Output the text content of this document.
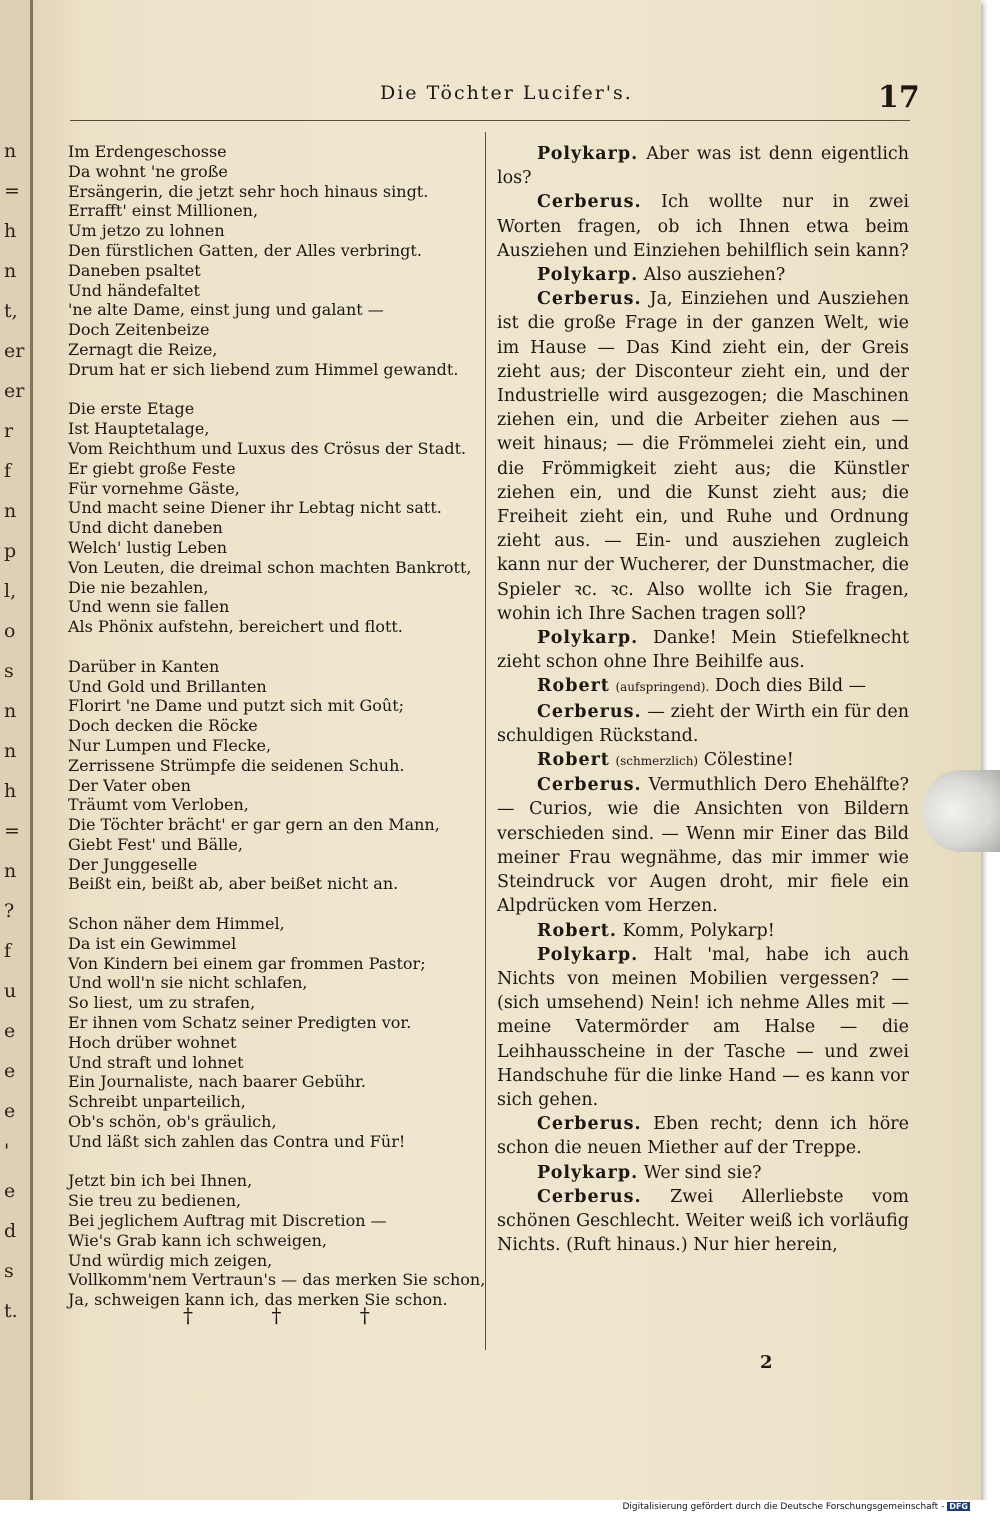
n
=
h
n
t,
er
er
r
f
n
p
l,
o
s
n
n
h
=
n
?
f
u
e
e
e
'
e
d
s
t.
Die Töchter Lucifer's.	17
Im Erdengeschosse
Da wohnt 'ne große
Ersängerin, die jetzt sehr hoch hinaus singt.
Errafft' einst Millionen,
Um jetzo zu lohnen
Den fürstlichen Gatten, der Alles verbringt.
Daneben psaltet
Und händefaltet
'ne alte Dame, einst jung und galant —
Doch Zeitenbeize
Zernagt die Reize,
Drum hat er sich liebend zum Himmel gewandt.
Die erste Etage
Ist Hauptetalage,
Vom Reichthum und Luxus des Crösus der Stadt.
Er giebt große Feste
Für vornehme Gäste,
Und macht seine Diener ihr Lebtag nicht satt.
Und dicht daneben
Welch' lustig Leben
Von Leuten, die dreimal schon machten Bankrott,
Die nie bezahlen,
Und wenn sie fallen
Als Phönix aufstehn, bereichert und flott.
Darüber in Kanten
Und Gold und Brillanten
Florirt 'ne Dame und putzt sich mit Goût;
Doch decken die Röcke
Nur Lumpen und Flecke,
Zerrissene Strümpfe die seidenen Schuh.
Der Vater oben
Träumt vom Verloben,
Die Töchter brächt' er gar gern an den Mann,
Giebt Fest' und Bälle,
Der Junggeselle
Beißt ein, beißt ab, aber beißet nicht an.
Schon näher dem Himmel,
Da ist ein Gewimmel
Von Kindern bei einem gar frommen Pastor;
Und woll'n sie nicht schlafen,
So liest, um zu strafen,
Er ihnen vom Schatz seiner Predigten vor.
Hoch drüber wohnet
Und straft und lohnet
Ein Journaliste, nach baarer Gebühr.
Schreibt unparteilich,
Ob's schön, ob's gräulich,
Und läßt sich zahlen das Contra und Für!
Jetzt bin ich bei Ihnen,
Sie treu zu bedienen,
Bei jeglichem Auftrag mit Discretion —
Wie's Grab kann ich schweigen,
Und würdig mich zeigen,
Vollkomm'nem Vertraun's — das merken Sie schon,
Ja, schweigen kann ich, das merken Sie schon.
†	†	†
Polykarp. Aber was ist denn eigentlich los?
Cerberus. Ich wollte nur in zwei Worten fragen, ob ich Ihnen etwa beim Ausziehen und Einziehen behilflich sein kann?
Polykarp. Also ausziehen?
Cerberus. Ja, Einziehen und Ausziehen ist die große Frage in der ganzen Welt, wie im Hause — Das Kind zieht ein, der Greis zieht aus; der Disconteur zieht ein, und der Industrielle wird ausgezogen; die Maschinen ziehen ein, und die Arbeiter ziehen aus — weit hinaus; — die Frömmelei zieht ein, und die Frömmigkeit zieht aus; die Künstler ziehen ein, und die Kunst zieht aus; die Freiheit zieht ein, und Ruhe und Ordnung zieht aus. — Ein- und ausziehen zugleich kann nur der Wucherer, der Dunstmacher, die Spieler ꝛc. ꝛc. Also wollte ich Sie fragen, wohin ich Ihre Sachen tragen soll?
Polykarp. Danke! Mein Stiefelknecht zieht schon ohne Ihre Beihilfe aus.
Robert (aufspringend). Doch dies Bild —
Cerberus. — zieht der Wirth ein für den schuldigen Rückstand.
Robert (schmerzlich) Cölestine!
Cerberus. Vermuthlich Dero Ehehälfte? — Curios, wie die Ansichten von Bildern verschieden sind. — Wenn mir Einer das Bild meiner Frau wegnähme, das mir immer wie Steindruck vor Augen droht, mir fiele ein Alpdrücken vom Herzen.
Robert. Komm, Polykarp!
Polykarp. Halt 'mal, habe ich auch Nichts von meinen Mobilien vergessen? — (sich umsehend) Nein! ich nehme Alles mit — meine Vatermörder am Halse — die Leihhausscheine in der Tasche — und zwei Handschuhe für die linke Hand — es kann vor sich gehen.
Cerberus. Eben recht; denn ich höre schon die neuen Miether auf der Treppe.
Polykarp. Wer sind sie?
Cerberus. Zwei Allerliebste vom schönen Geschlecht. Weiter weiß ich vorläufig Nichts. (Ruft hinaus.) Nur hier herein,
2
Digitalisierung gefördert durch die Deutsche Forschungsgemeinschaft - DFG
